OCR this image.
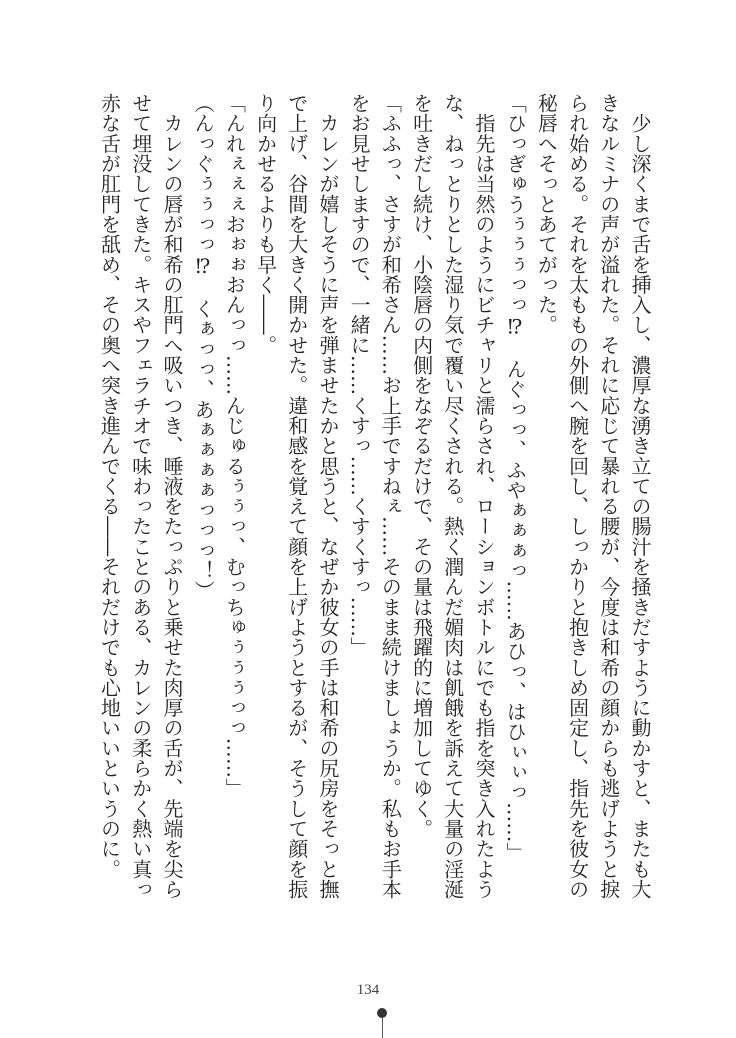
　少し深くまで舌を挿入し、濃厚な湧き立ての腸汁を掻きだすように動かすと、またも大
きなルミナの声が溢れた。それに応じて暴れる腰が、今度は和希の顔からも逃げようと捩
られ始める。それを太ももの外側へ腕を回し、しっかりと抱きしめ固定し、指先を彼女の
秘唇へそっとあてがった。
「ひっぎゅうぅぅぅっっ⁉　んぐっっ、ふやぁぁぁっ……あひっ、はひぃぃっ……」
　指先は当然のようにビチャリと濡らされ、ローションボトルにでも指を突き入れたよう
な、ねっとりとした湿り気で覆い尽くされる。熱く潤んだ媚肉は飢餓を訴えて大量の淫涎
を吐きだし続け、小陰唇の内側をなぞるだけで、その量は飛躍的に増加してゆく。
「ふふっ、さすが和希さん……お上手ですねぇ……そのまま続けましょうか。私もお手本
をお見せしますので、一緒に……くすっ……くすくすっ……」
　カレンが嬉しそうに声を弾ませたかと思うと、なぜか彼女の手は和希の尻房をそっと撫
で上げ、谷間を大きく開かせた。違和感を覚えて顔を上げようとするが、そうして顔を振
り向かせるよりも早く――。
「んれぇぇぇおぉぉおんっっ……んじゅるぅぅっ、むっちゅぅぅぅっっ……」
（んっぐぅぅっっ⁉　くぁっっ、あぁぁぁぁっっっ！）
　カレンの唇が和希の肛門へ吸いつき、唾液をたっぷりと乗せた肉厚の舌が、先端を尖ら
せて埋没してきた。キスやフェラチオで味わったことのある、カレンの柔らかく熱い真っ
赤な舌が肛門を舐め、その奥へ突き進んでくる――それだけでも心地いいというのに。
134
